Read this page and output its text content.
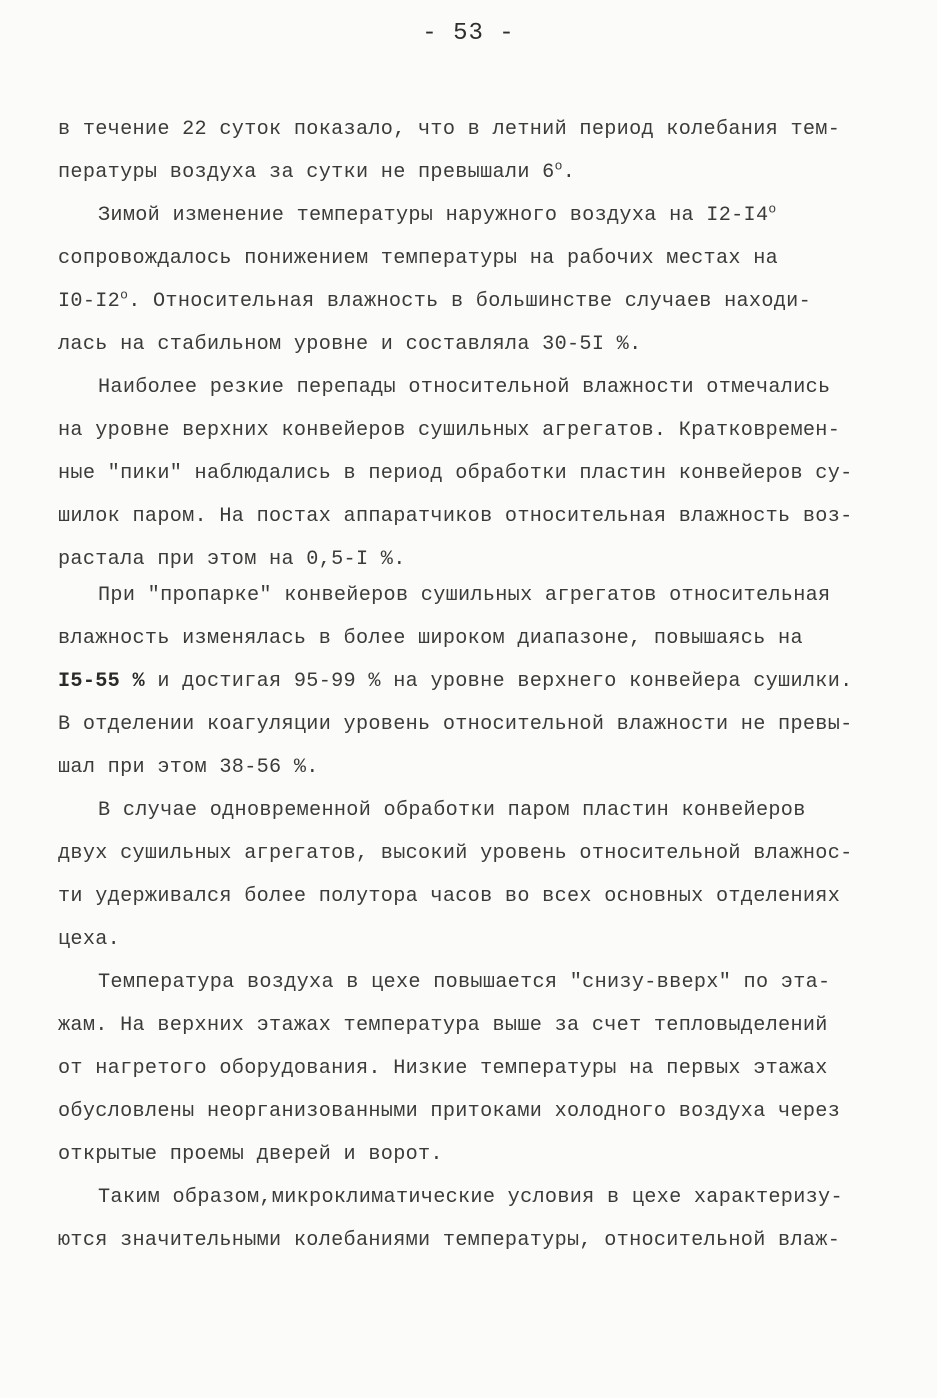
- 53 -
в течение 22 суток показало, что в летний период колебания тем-
пературы воздуха за сутки не превышали $6^о$.
Зимой изменение температуры наружного воздуха на $I2-I4^о$
сопровождалось понижением температуры на рабочих местах на
$I0-I2^о$. Относительная влажность в большинстве случаев находи-
лась на стабильном уровне и составляла 30-5I %.
Наиболее резкие перепады относительной влажности отмечались
на уровне верхних конвейеров сушильных агрегатов. Кратковремен-
ные "пики" наблюдались в период обработки пластин конвейеров су-
шилок паром. На постах аппаратчиков относительная влажность воз-
растала при этом на 0,5-I %.
При "пропарке" конвейеров сушильных агрегатов относительная
влажность изменялась в более широком диапазоне, повышаясь на
I5-55 % и достигая 95-99 % на уровне верхнего конвейера сушилки.
В отделении коагуляции уровень относительной влажности не превы-
шал при этом 38-56 %.
В случае одновременной обработки паром пластин конвейеров
двух сушильных агрегатов, высокий уровень относительной влажнос-
ти удерживался более полутора часов во всех основных отделениях
цеха.
Температура воздуха в цехе повышается "снизу-вверх" по эта-
жам. На верхних этажах температура выше за счет тепловыделений
от нагретого оборудования. Низкие температуры на первых этажах
обусловлены неорганизованными притоками холодного воздуха через
открытые проемы дверей и ворот.
Таким образом,микроклиматические условия в цехе характеризу-
ются значительными колебаниями температуры, относительной влаж-
